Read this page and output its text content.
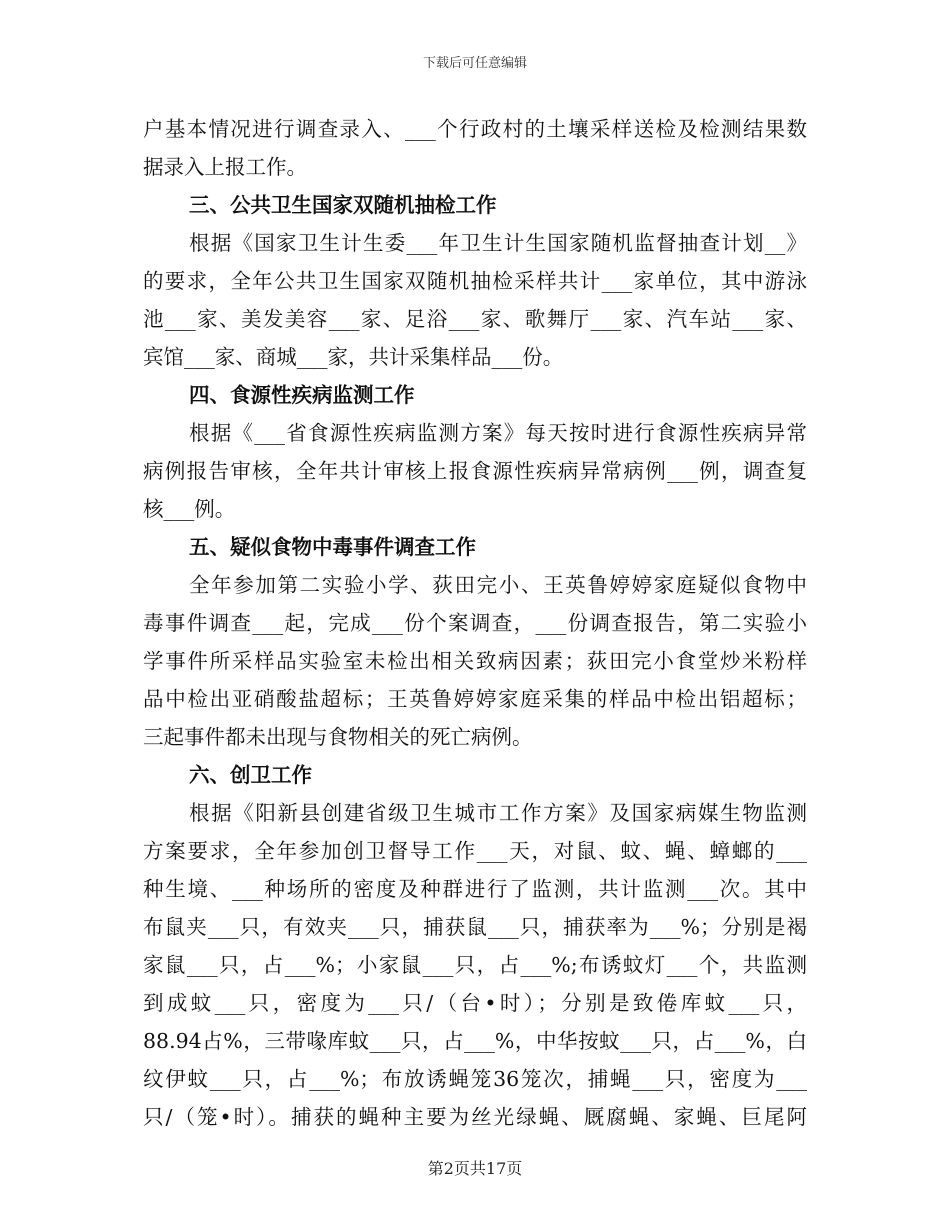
下载后可任意编辑
户基本情况进行调查录入、___个行政村的土壤采样送检及检测结果数
据录入上报工作。
三、公共卫生国家双随机抽检工作
根据《国家卫生计生委___年卫生计生国家随机监督抽查计划__》
的要求，全年公共卫生国家双随机抽检采样共计___家单位，其中游泳
池___家、美发美容___家、足浴___家、歌舞厅___家、汽车站___家、
宾馆___家、商城___家，共计采集样品___份。
四、食源性疾病监测工作
根据《___省食源性疾病监测方案》每天按时进行食源性疾病异常
病例报告审核，全年共计审核上报食源性疾病异常病例___例，调查复
核___例。
五、疑似食物中毒事件调查工作
全年参加第二实验小学、荻田完小、王英鲁婷婷家庭疑似食物中
毒事件调查___起，完成___份个案调查，___份调查报告，第二实验小
学事件所采样品实验室未检出相关致病因素；荻田完小食堂炒米粉样
品中检出亚硝酸盐超标；王英鲁婷婷家庭采集的样品中检出铝超标；
三起事件都未出现与食物相关的死亡病例。
六、创卫工作
根据《阳新县创建省级卫生城市工作方案》及国家病媒生物监测
方案要求，全年参加创卫督导工作___天，对鼠、蚊、蝇、蟑螂的___
种生境、___种场所的密度及种群进行了监测，共计监测___次。其中
布鼠夹___只，有效夹___只，捕获鼠___只，捕获率为___%；分别是褐
家鼠___只，占___%；小家鼠___只，占___%;布诱蚊灯___个，共监测
到成蚊___只，密度为___只/（台•时）；分别是致倦库蚊___只，
88.94占%，三带喙库蚊___只，占___%，中华按蚊___只，占___%，白
纹伊蚊___只，占___%；布放诱蝇笼36笼次，捕蝇___只，密度为___
只/（笼•时）。捕获的蝇种主要为丝光绿蝇、厩腐蝇、家蝇、巨尾阿
第2页共17页
